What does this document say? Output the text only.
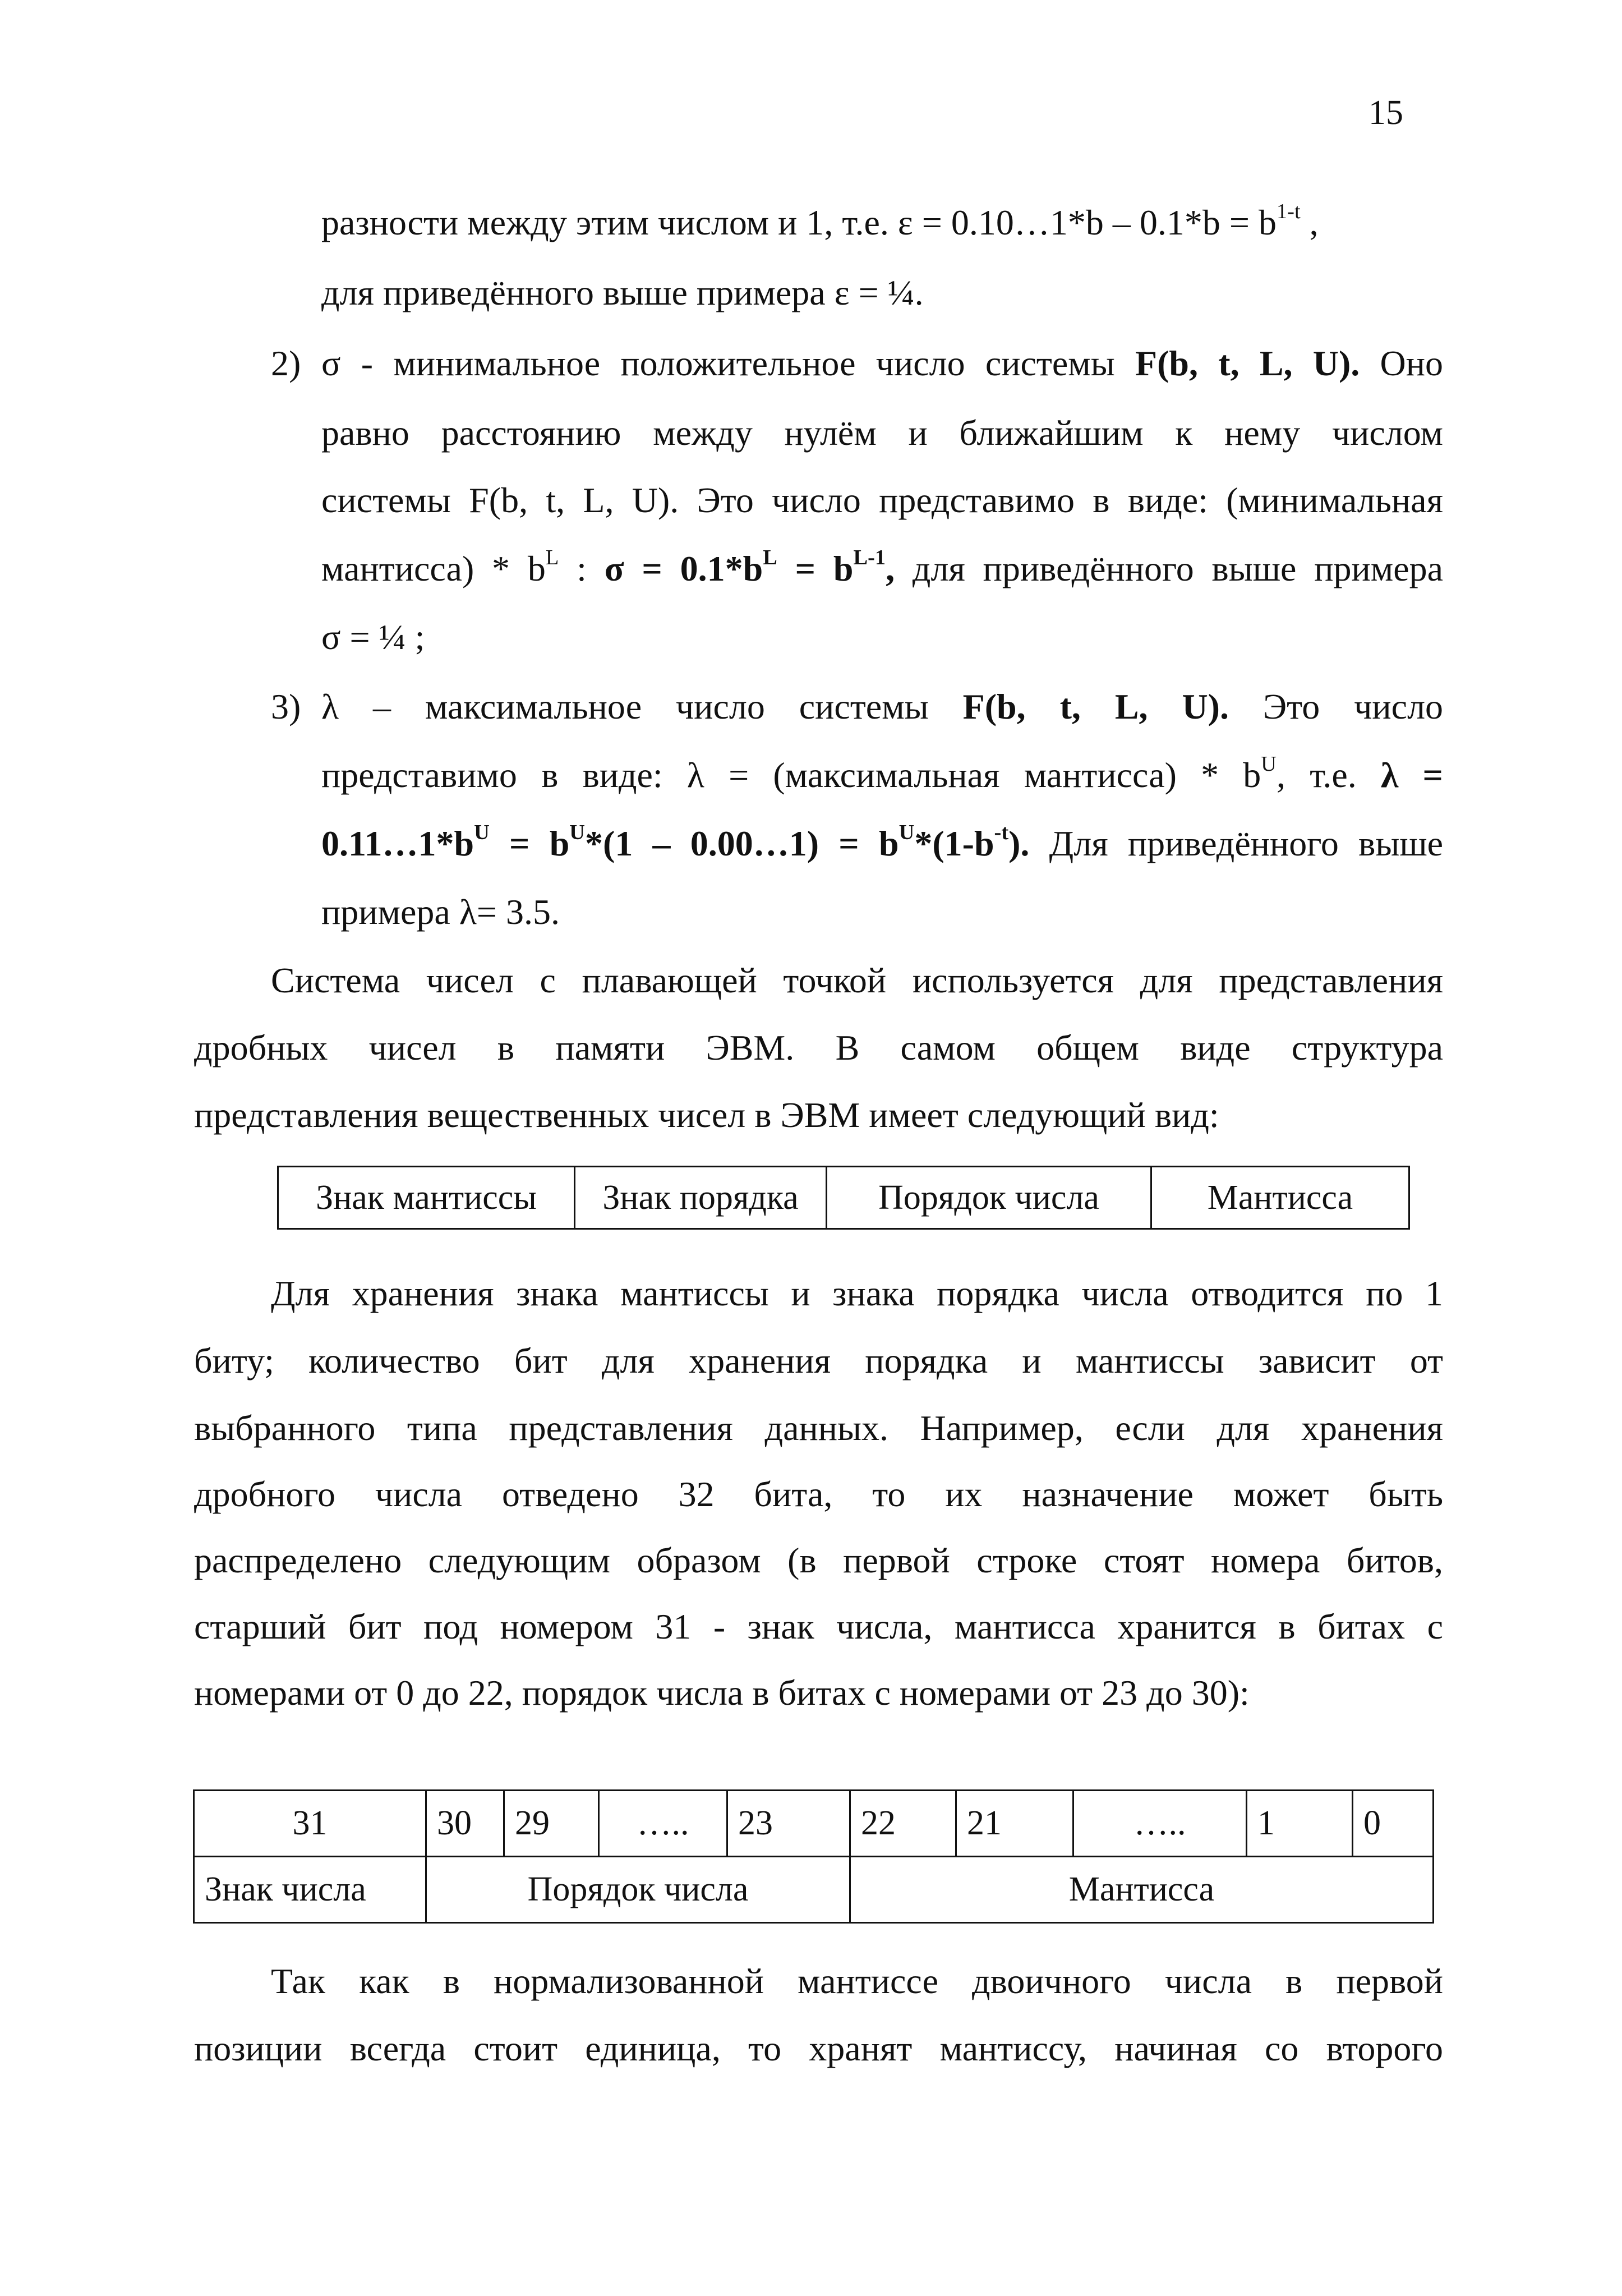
15
разности между этим числом и 1, т.е. ε = 0.10…1*b – $0.1*b = b^{1-t}$ ,
для приведённого выше примера ε = ¼.
2) σ - минимальное положительное число системы F(b, t, L, U). Оно
равно расстоянию между нулём и ближайшим к нему числом
системы F(b, t, L, U). Это число представимо в виде: (минимальная
мантисса) * $b^L$ : $\sigma = 0.1*b^L = b^{L-1}$, для приведённого выше примера
σ = ¼ ;
3) λ – максимальное число системы F(b, t, L, U). Это число
представимо в виде: λ = (максимальная мантисса) * $b^U$, т.е. λ =
$0.11\dots 1*b^U = b^U*(1$ – 0.00…1) = $b^U*(1-b^{-t})$. Для приведённого выше
примера λ= 3.5.
Система чисел с плавающей точкой используется для представления
дробных чисел в памяти ЭВМ. В самом общем виде структура
представления вещественных чисел в ЭВМ имеет следующий вид:
Знак мантиссы	Знак порядка	Порядок числа	Мантисса
Для хранения знака мантиссы и знака порядка числа отводится по 1
биту; количество бит для хранения порядка и мантиссы зависит от
выбранного типа представления данных. Например, если для хранения
дробного числа отведено 32 бита, то их назначение может быть
распределено следующим образом (в первой строке стоят номера битов,
старший бит под номером 31 - знак числа, мантисса хранится в битах с
номерами от 0 до 22, порядок числа в битах с номерами от 23 до 30):
31	30	29	…..	23	22	21	…..	1	0
Знак числа	Порядок числа				Мантисса				
Так как в нормализованной мантиссе двоичного числа в первой
позиции всегда стоит единица, то хранят мантиссу, начиная со второго
